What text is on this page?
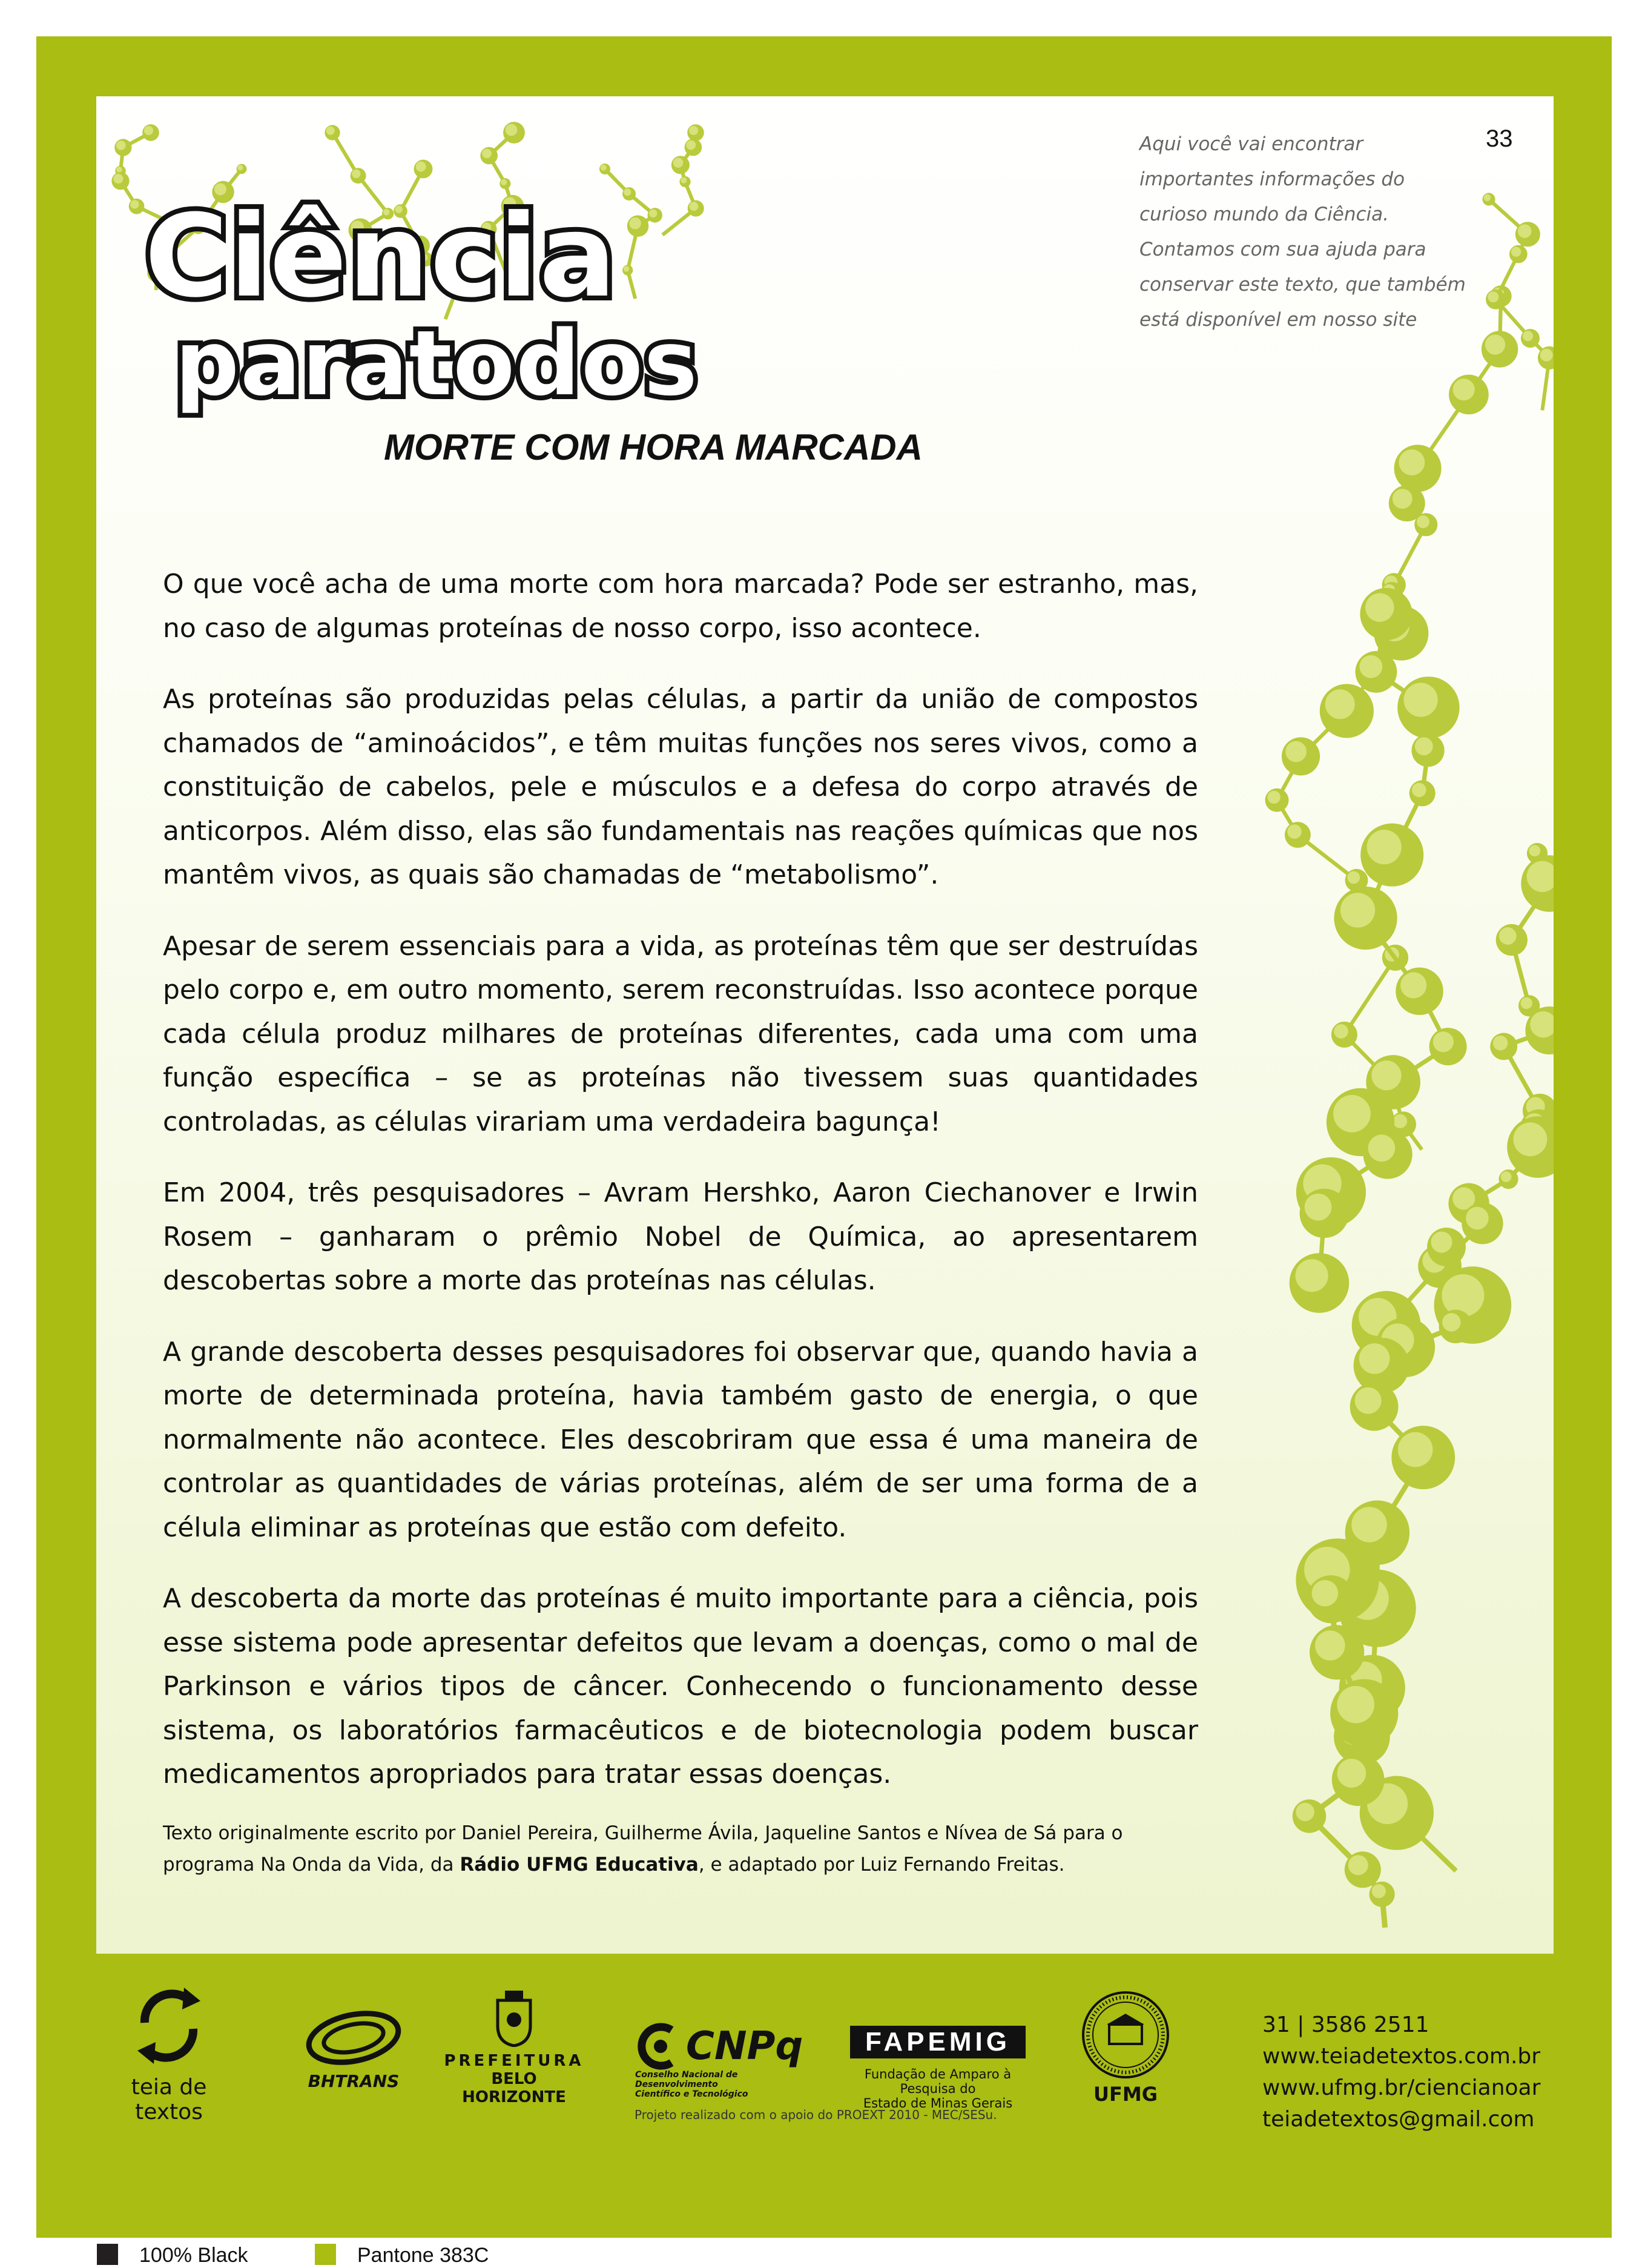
Ciência
paratodos
Aqui você vai encontrar
importantes informações do
curioso mundo da Ciência.
Contamos com sua ajuda para
conservar este texto, que também
está disponível em nosso site
33
MORTE COM HORA MARCADA

O que você acha de uma morte com hora marcada? Pode ser estranho, mas, no caso de algumas proteínas de nosso corpo, isso acontece.

As proteínas são produzidas pelas células, a partir da união de compostos chamados de “aminoácidos”, e têm muitas funções nos seres vivos, como a constituição de cabelos, pele e músculos e a defesa do corpo através de anticorpos. Além disso, elas são fundamentais nas reações químicas que nos mantêm vivos, as quais são chamadas de “metabolismo”.

Apesar de serem essenciais para a vida, as proteínas têm que ser destruídas pelo corpo e, em outro momento, serem reconstruídas. Isso acontece porque cada célula produz milhares de proteínas diferentes, cada uma com uma função específica – se as proteínas não tivessem suas quantidades controladas, as células virariam uma verdadeira bagunça!

Em 2004, três pesquisadores – Avram Hershko, Aaron Ciechanover e Irwin Rosem – ganharam o prêmio Nobel de Química, ao apresentarem descobertas sobre a morte das proteínas nas células.

A grande descoberta desses pesquisadores foi observar que, quando havia a morte de determinada proteína, havia também gasto de energia, o que normalmente não acontece. Eles descobriram que essa é uma maneira de controlar as quantidades de várias proteínas, além de ser uma forma de a célula eliminar as proteínas que estão com defeito.

A descoberta da morte das proteínas é muito importante para a ciência, pois esse sistema pode apresentar defeitos que levam a doenças, como o mal de Parkinson e vários tipos de câncer. Conhecendo o funcionamento desse sistema, os laboratórios farmacêuticos e de biotecnologia podem buscar medicamentos apropriados para tratar essas doenças.

Texto originalmente escrito por Daniel Pereira, Guilherme Ávila, Jaqueline Santos e Nívea de Sá para o programa Na Onda da Vida, da Rádio UFMG Educativa, e adaptado por Luiz Fernando Freitas.
teia de textos
BHTRANS
PREFEITURA
BELO HORIZONTE
CNPq
Conselho Nacional de Desenvolvimento
Científico e Tecnológico
FAPEMIG
Fundação de Amparo à Pesquisa do
Estado de Minas Gerais	UFMG
Projeto realizado com o apoio do PROEXT 2010 - MEC/SESu.
31 | 3586 2511
www.teiadetextos.com.br
www.ufmg.br/ciencianoar
teiadetextos@gmail.com
100% Black	Pantone 383C
